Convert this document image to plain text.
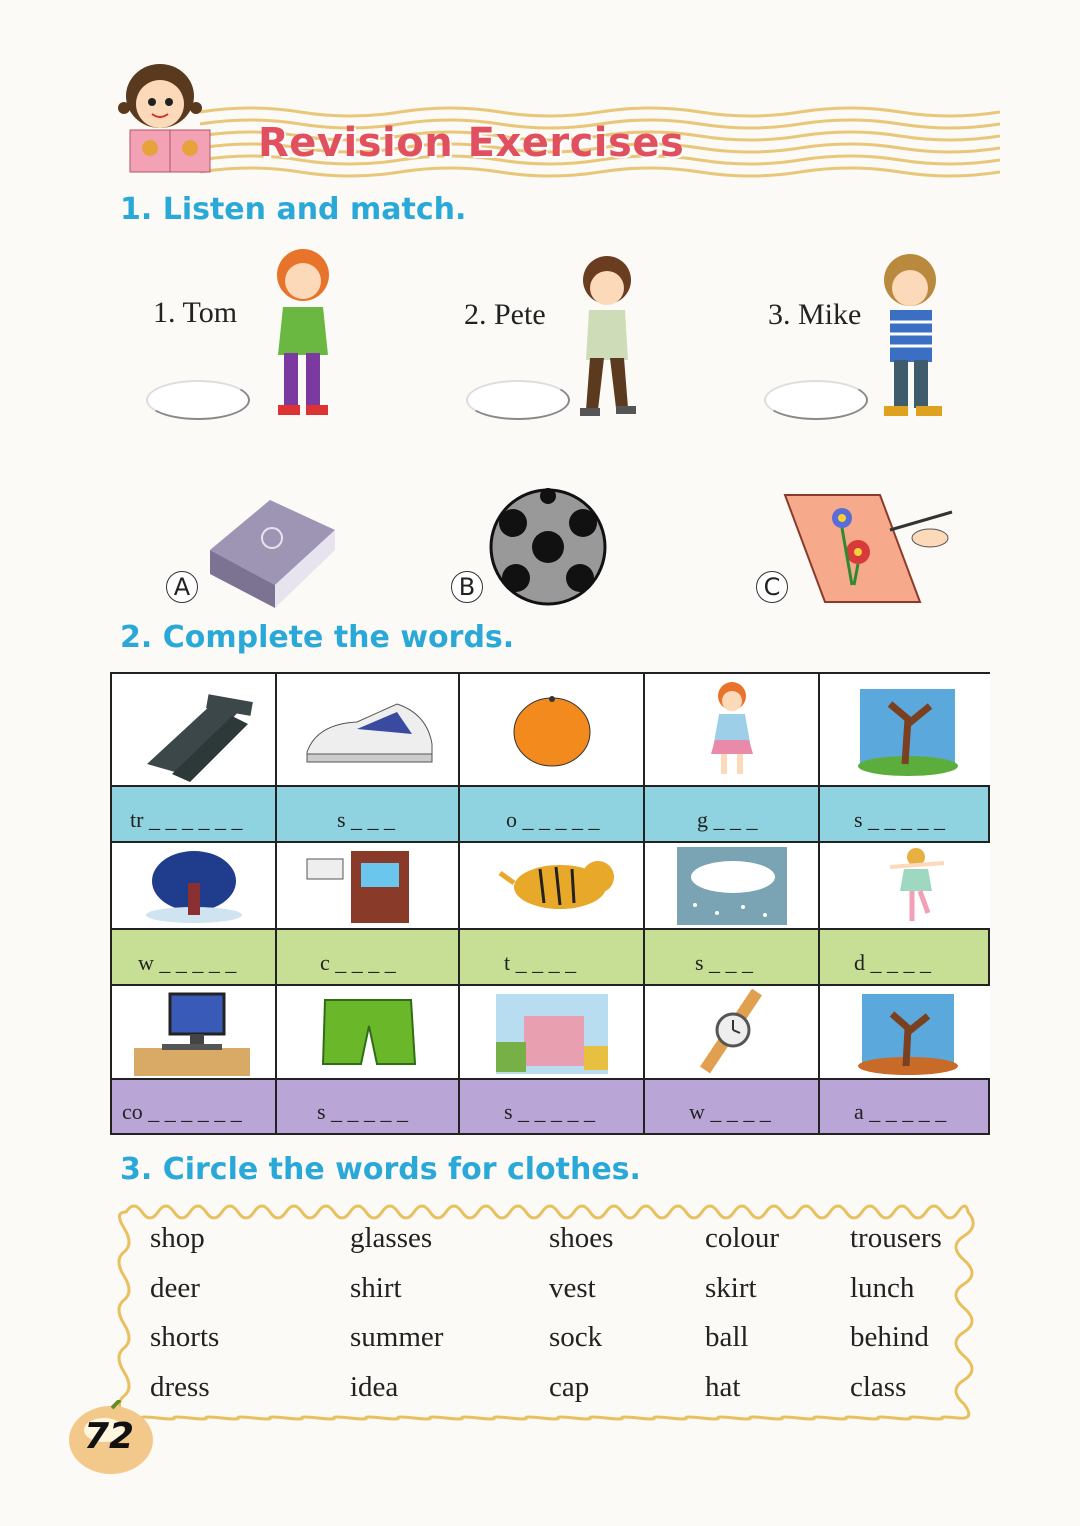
Revision Exercises
1. Listen and match.
1. Tom	2. Pete	3. Mike
A	B	C
2. Complete the words.
tr _ _ _ _ _ _	s _ _ _	o _ _ _ _ _	g _ _ _	s _ _ _ _ _
w _ _ _ _ _	c _ _ _ _	t _ _ _ _	s _ _ _	d _ _ _ _
co _ _ _ _ _ _	s _ _ _ _ _	s _ _ _ _ _	w _ _ _ _	a _ _ _ _ _
3. Circle the words for clothes.
shop	glasses	shoes	colour trousers
deer	shirt	vest	skirt	lunch
shorts	summer	sock	ball	behind
dress	idea	cap	hat	class
72
